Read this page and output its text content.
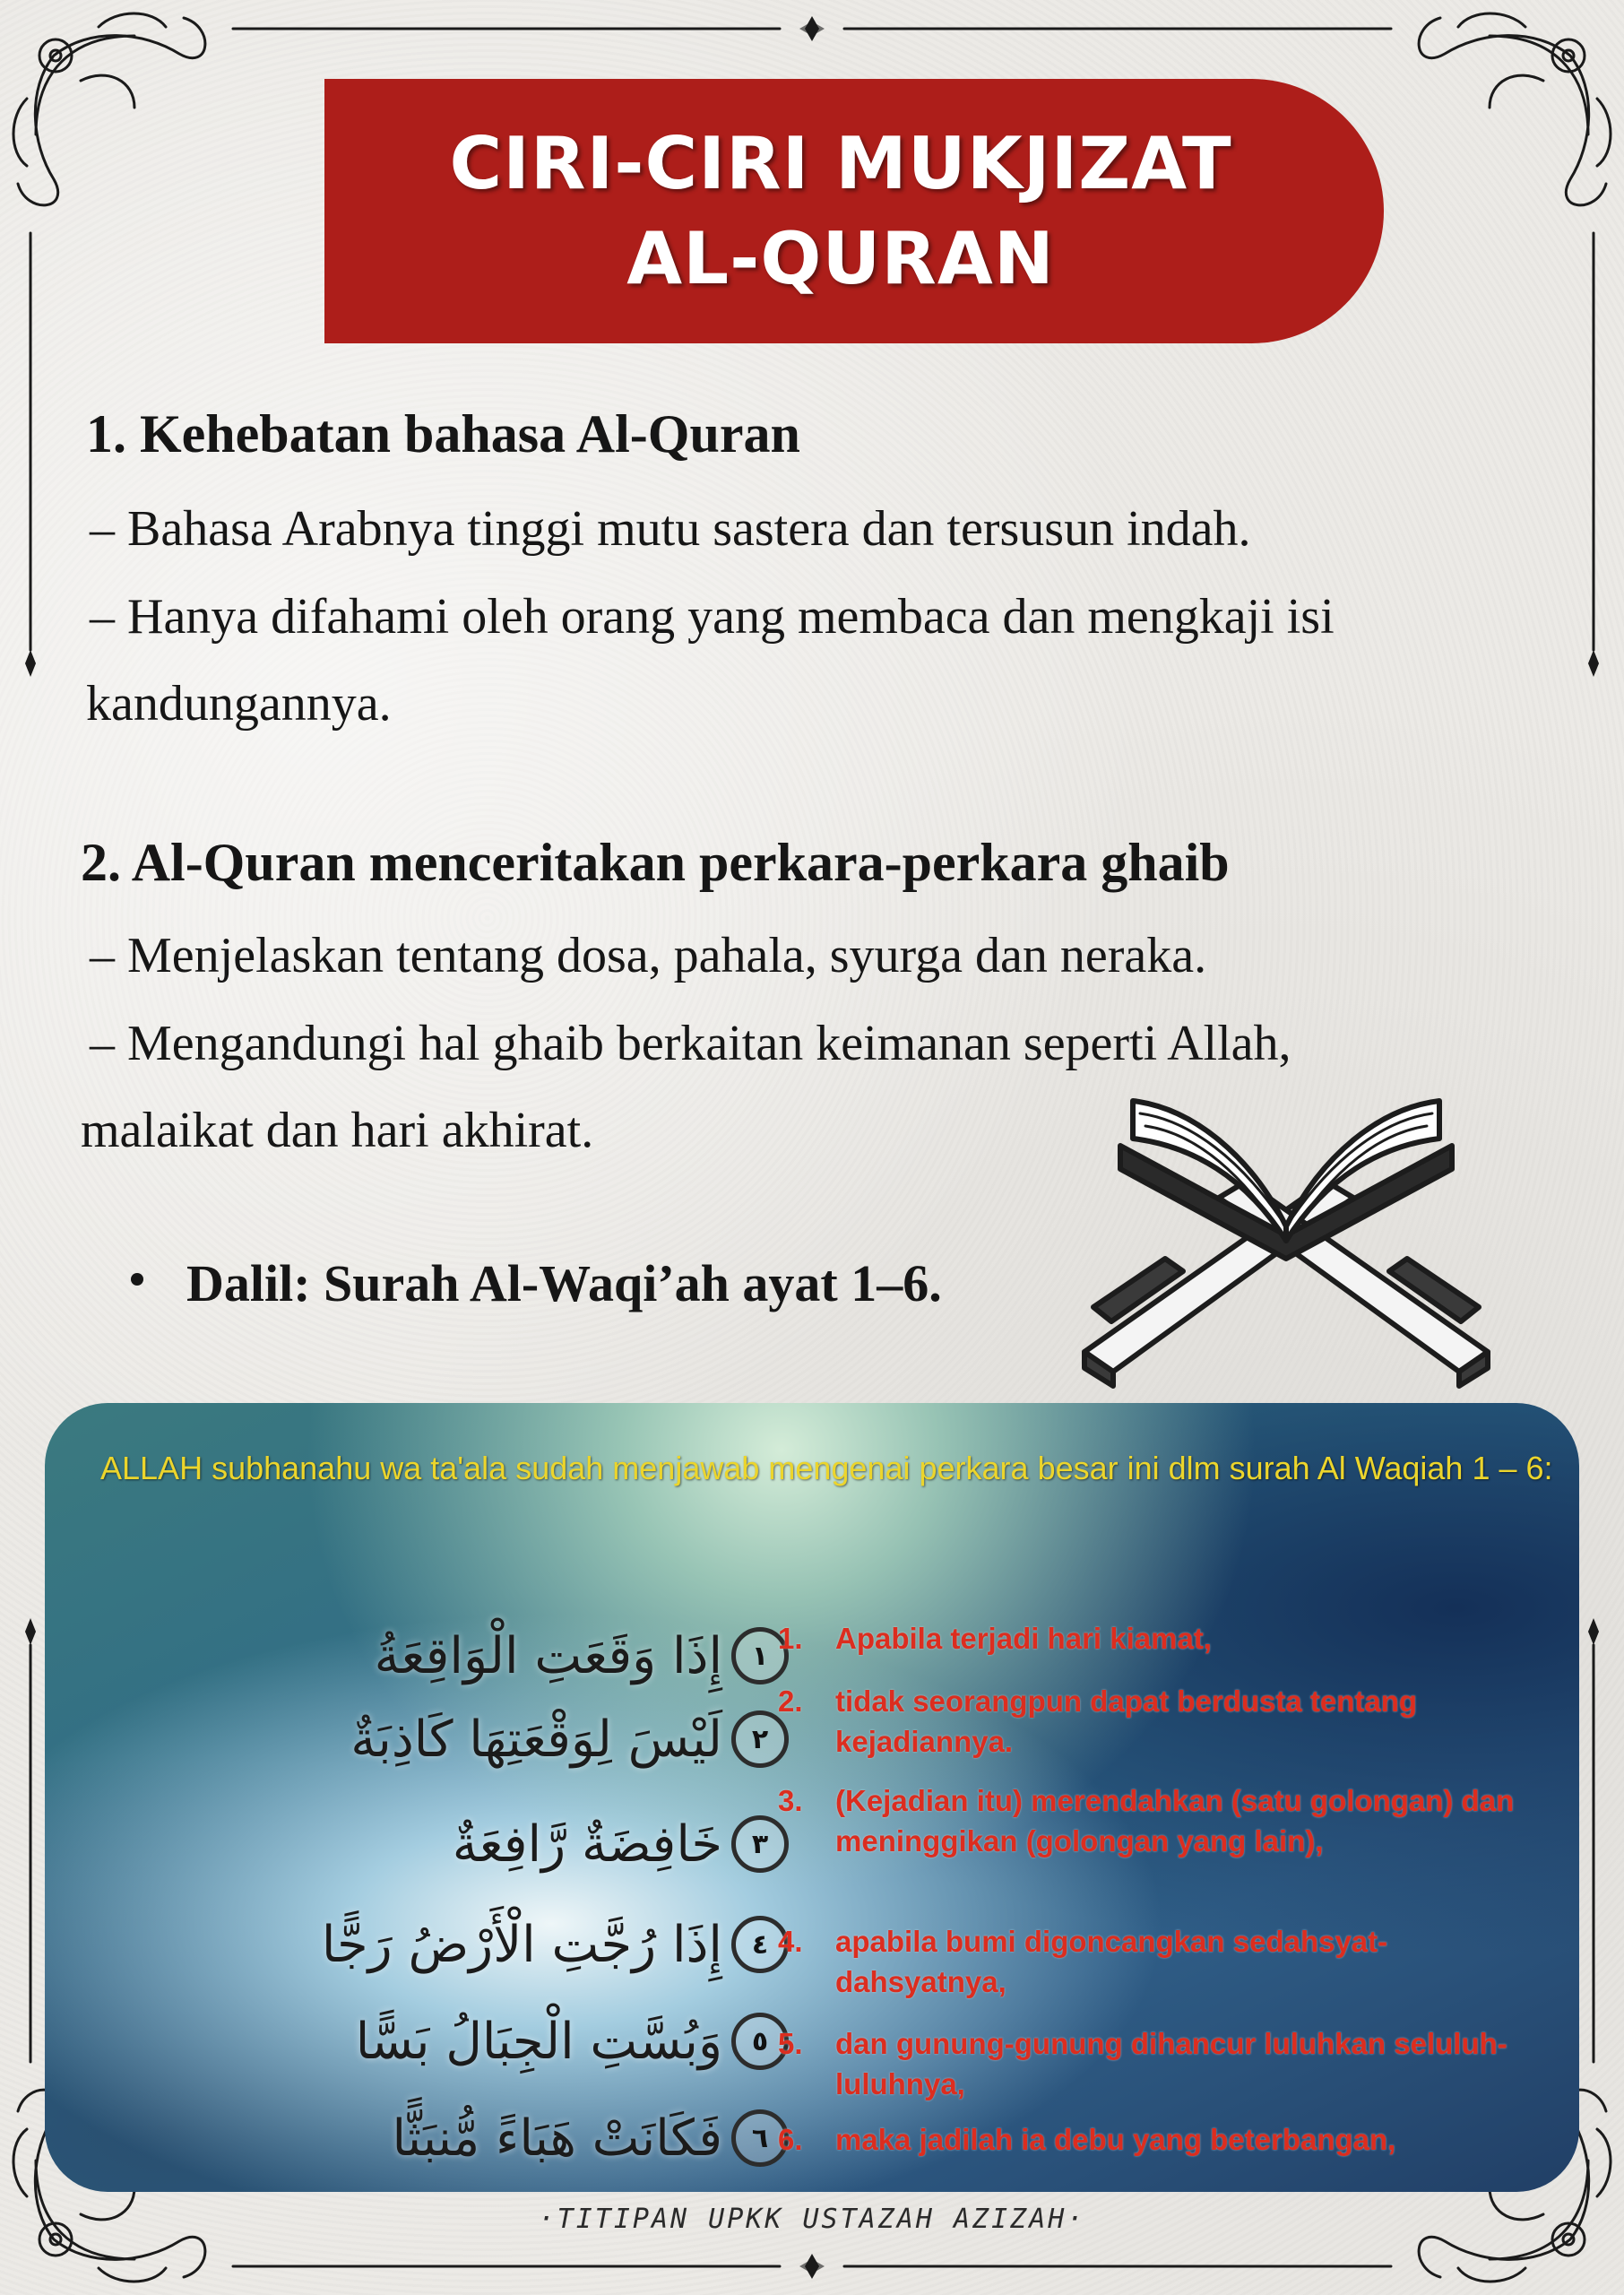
CIRI-CIRI MUKJIZAT
AL-QURAN
1. Kehebatan bahasa Al-Quran
– Bahasa Arabnya tinggi mutu sastera dan tersusun indah.
– Hanya difahami oleh orang yang membaca dan mengkaji isi
kandungannya.
2. Al-Quran menceritakan perkara-perkara ghaib
– Menjelaskan tentang dosa, pahala, syurga dan neraka.
– Mengandungi hal ghaib berkaitan keimanan seperti Allah,
malaikat dan hari akhirat.
Dalil: Surah Al-Waqi’ah ayat 1–6.
ALLAH subhanahu wa ta'ala sudah menjawab mengenai perkara besar ini dlm surah Al Waqiah 1 – 6:
إِذَا وَقَعَتِ الْوَاقِعَةُ ١
لَيْسَ لِوَقْعَتِهَا كَاذِبَةٌ ٢
خَافِضَةٌ رَّافِعَةٌ ٣
إِذَا رُجَّتِ الْأَرْضُ رَجًّا ٤
وَبُسَّتِ الْجِبَالُ بَسًّا ٥
فَكَانَتْ هَبَاءً مُّنبَثًّا ٦
1.	Apabila terjadi hari kiamat,
2.	tidak seorangpun dapat berdusta tentang kejadiannya.
3.	(Kejadian itu) merendahkan (satu golongan) dan meninggikan (golongan yang lain),
4.	apabila bumi digoncangkan sedahsyat-dahsyatnya,
5.	dan gunung-gunung dihancur luluhkan seluluh-luluhnya,
6.	maka jadilah ia debu yang beterbangan,
·TITIPAN UPKK USTAZAH AZIZAH·
